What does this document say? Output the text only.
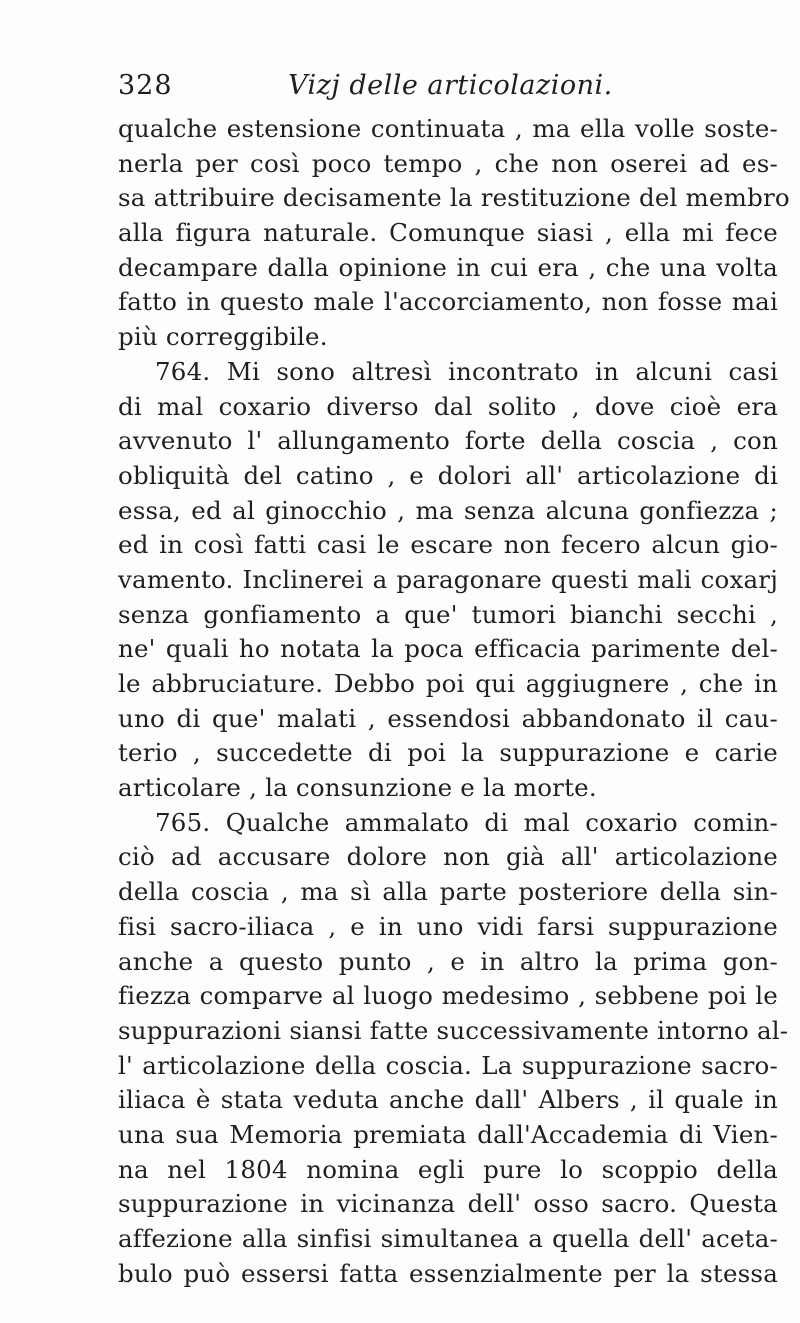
328	Vizj delle articolazioni.
qualche estensione continuata , ma ella volle soste-
nerla per così poco tempo , che non oserei ad es-
sa attribuire decisamente la restituzione del membro
alla figura naturale. Comunque siasi , ella mi fece
decampare dalla opinione in cui era , che una volta
fatto in questo male l'accorciamento, non fosse mai
più correggibile.
764. Mi sono altresì incontrato in alcuni casi
di mal coxario diverso dal solito , dove cioè era
avvenuto l' allungamento forte della coscia , con
obliquità del catino , e dolori all' articolazione di
essa, ed al ginocchio , ma senza alcuna gonfiezza ;
ed in così fatti casi le escare non fecero alcun gio-
vamento. Inclinerei a paragonare questi mali coxarj
senza gonfiamento a que' tumori bianchi secchi ,
ne' quali ho notata la poca efficacia parimente del-
le abbruciature. Debbo poi qui aggiugnere , che in
uno di que' malati , essendosi abbandonato il cau-
terio , succedette di poi la suppurazione e carie
articolare , la consunzione e la morte.
765. Qualche ammalato di mal coxario comin-
ciò ad accusare dolore non già all' articolazione
della coscia , ma sì alla parte posteriore della sin-
fisi sacro-iliaca , e in uno vidi farsi suppurazione
anche a questo punto , e in altro la prima gon-
fiezza comparve al luogo medesimo , sebbene poi le
suppurazioni siansi fatte successivamente intorno al-
l' articolazione della coscia. La suppurazione sacro-
iliaca è stata veduta anche dall' Albers , il quale in
una sua Memoria premiata dall'Accademia di Vien-
na nel 1804 nomina egli pure lo scoppio della
suppurazione in vicinanza dell' osso sacro. Questa
affezione alla sinfisi simultanea a quella dell' aceta-
bulo può essersi fatta essenzialmente per la stessa
